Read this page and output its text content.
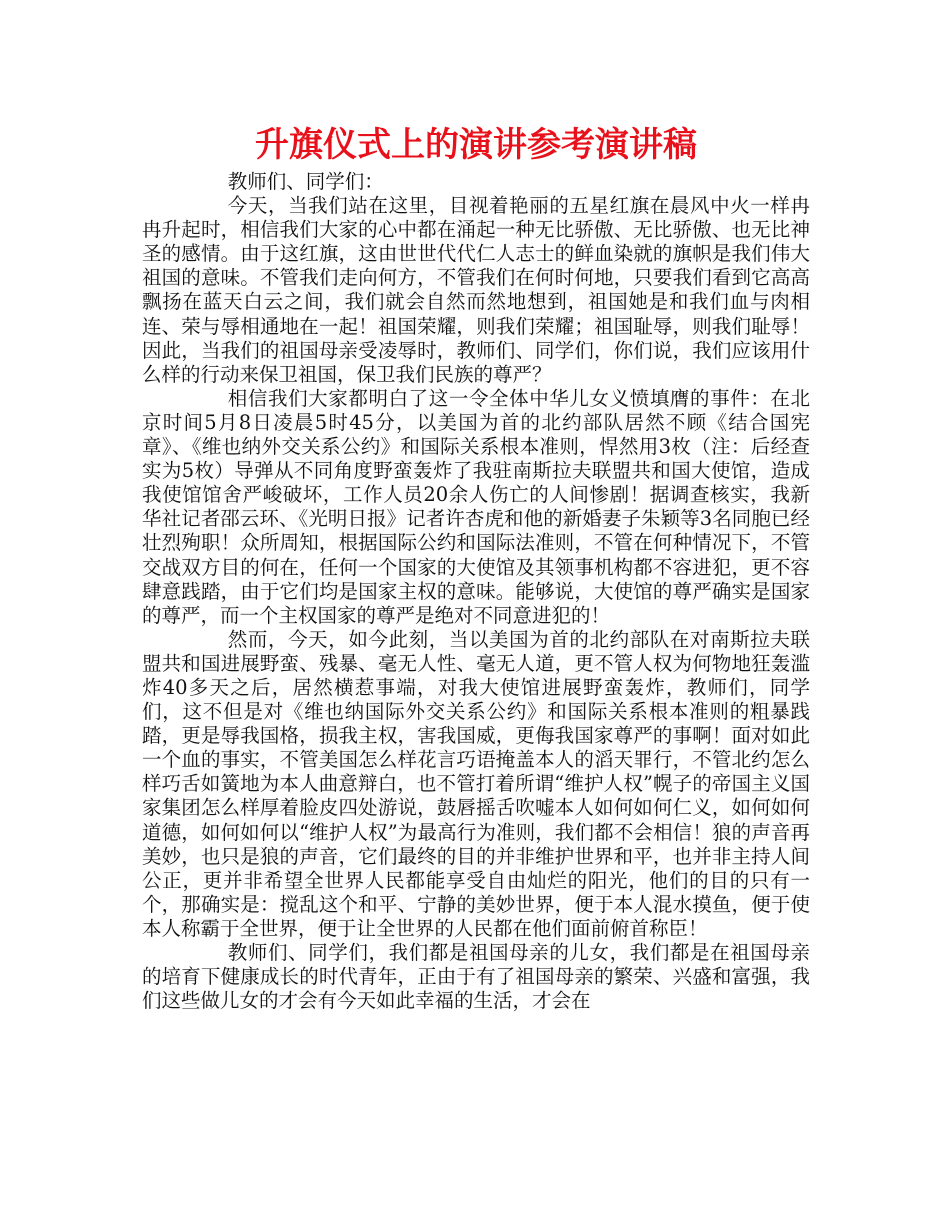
升旗仪式上的演讲参考演讲稿

教师们、同学们：

今天，当我们站在这里，目视着艳丽的五星红旗在晨风中火一样冉冉升起时，相信我们大家的心中都在涌起一种无比骄傲、无比骄傲、也无比神圣的感情。由于这红旗，这由世世代代仁人志士的鲜血染就的旗帜是我们伟大祖国的意味。不管我们走向何方，不管我们在何时何地，只要我们看到它高高飘扬在蓝天白云之间，我们就会自然而然地想到，祖国她是和我们血与肉相连、荣与辱相通地在一起！祖国荣耀，则我们荣耀；祖国耻辱，则我们耻辱！因此，当我们的祖国母亲受凌辱时，教师们、同学们，你们说，我们应该用什么样的行动来保卫祖国，保卫我们民族的尊严？

相信我们大家都明白了这一令全体中华儿女义愤填膺的事件：在北京时间5月8日凌晨5时45分，以美国为首的北约部队居然不顾《结合国宪章》、《维也纳外交关系公约》和国际关系根本准则，悍然用3枚（注：后经查实为5枚）导弹从不同角度野蛮轰炸了我驻南斯拉夫联盟共和国大使馆，造成我使馆馆舍严峻破坏，工作人员20余人伤亡的人间惨剧！据调查核实，我新华社记者邵云环、《光明日报》记者许杏虎和他的新婚妻子朱颖等3名同胞已经壮烈殉职！众所周知，根据国际公约和国际法准则，不管在何种情况下，不管交战双方目的何在，任何一个国家的大使馆及其领事机构都不容进犯，更不容肆意践踏，由于它们均是国家主权的意味。能够说，大使馆的尊严确实是国家的尊严，而一个主权国家的尊严是绝对不同意进犯的！

然而，今天，如今此刻，当以美国为首的北约部队在对南斯拉夫联盟共和国进展野蛮、残暴、毫无人性、毫无人道，更不管人权为何物地狂轰滥炸40多天之后，居然横惹事端，对我大使馆进展野蛮轰炸，教师们，同学们，这不但是对《维也纳国际外交关系公约》和国际关系根本准则的粗暴践踏，更是辱我国格，损我主权，害我国威，更侮我国家尊严的事啊！面对如此一个血的事实，不管美国怎么样花言巧语掩盖本人的滔天罪行，不管北约怎么样巧舌如簧地为本人曲意辩白，也不管打着所谓“维护人权”幌子的帝国主义国家集团怎么样厚着脸皮四处游说，鼓唇摇舌吹嘘本人如何如何仁义，如何如何道德，如何如何以“维护人权”为最高行为准则，我们都不会相信！狼的声音再美妙，也只是狼的声音，它们最终的目的并非维护世界和平，也并非主持人间公正，更并非希望全世界人民都能享受自由灿烂的阳光，他们的目的只有一个，那确实是：搅乱这个和平、宁静的美妙世界，便于本人混水摸鱼，便于使本人称霸于全世界，便于让全世界的人民都在他们面前俯首称臣！

教师们、同学们，我们都是祖国母亲的儿女，我们都是在祖国母亲的培育下健康成长的时代青年，正由于有了祖国母亲的繁荣、兴盛和富强，我们这些做儿女的才会有今天如此幸福的生活，才会在
